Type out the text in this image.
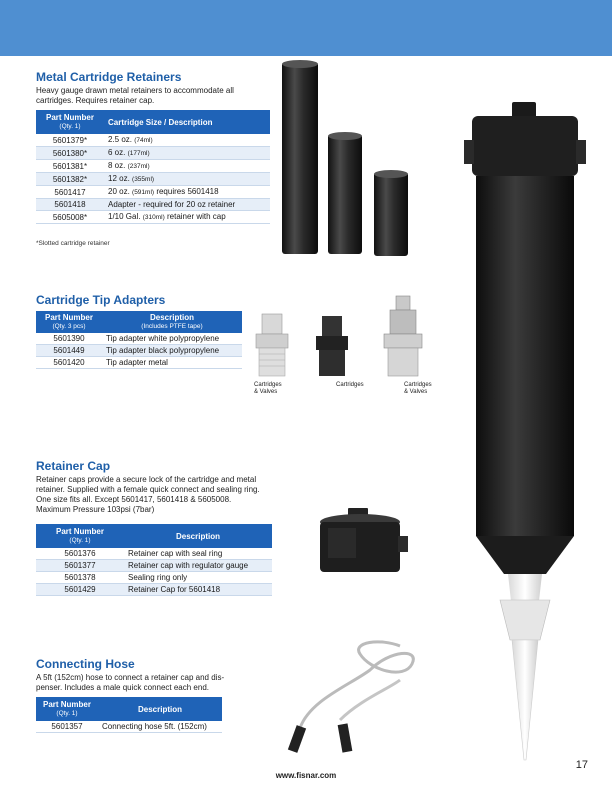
Metal Cartridge Retainers

Heavy gauge drawn metal retainers to accommodate all
cartridges. Requires retainer cap.

Part Number
(Qty. 1)	Cartridge Size / Description
5601379*	2.5 oz. (74ml)
5601380*	6 oz. (177ml)
5601381*	8 oz. (237ml)
5601382*	12 oz. (355ml)
5601417	20 oz. (591ml) requires 5601418
5601418	Adapter - required for 20 oz retainer
5605008*	1/10 Gal. (310ml) retainer with cap
*Slotted cartridge retainer
Cartridge Tip Adapters
Part Number
(Qty. 3 pcs)	Description
(Includes PTFE tape)

5601390	Tip adapter white polypropylene
5601449	Tip adapter black polypropylene
5601420	Tip adapter metal
Cartridges
& Valves
Cartridges	Cartridges
& Valves
Retainer Cap

Retainer caps provide a secure lock of the cartridge and metal
retainer. Supplied with a female quick connect and sealing ring.
One size fits all. Except 5601417, 5601418 & 5605008.
Maximum Pressure 103psi (7bar)

Part Number
(Qty. 1)	Description
5601376	Retainer cap with seal ring
5601377	Retainer cap with regulator gauge
5601378	Sealing ring only
5601429	Retainer Cap for 5601418
Connecting Hose

A 5ft (152cm) hose to connect a retainer cap and dis-
penser. Includes a male quick connect each end.

Part Number
(Qty. 1)	Description
5601357	Connecting hose 5ft. (152cm)
17
www.fisnar.com
